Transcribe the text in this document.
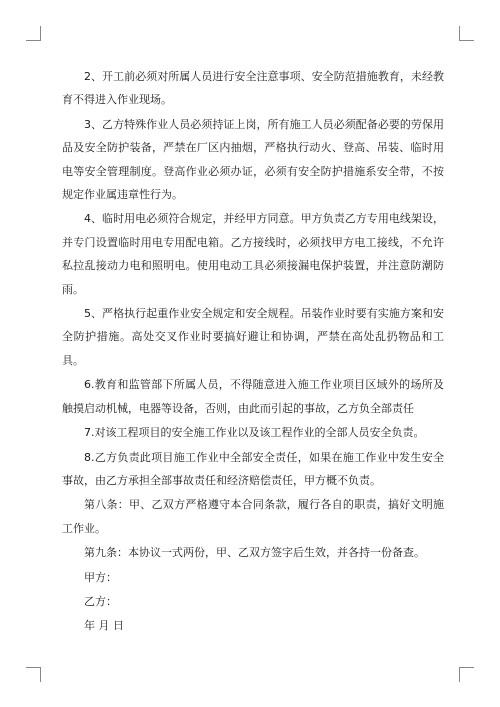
2、开工前必须对所属人员进行安全注意事项、安全防范措施教育，未经教育不得进入作业现场。

3、乙方特殊作业人员必须持证上岗，所有施工人员必须配备必要的劳保用品及安全防护装备，严禁在厂区内抽烟，严格执行动火、登高、吊装、临时用电等安全管理制度。登高作业必须办证，必须有安全防护措施系安全带，不按规定作业属违章性行为。

4、临时用电必须符合规定，并经甲方同意。甲方负责乙方专用电线架设，并专门设置临时用电专用配电箱。乙方接线时，必须找甲方电工接线，不允许私拉乱接动力电和照明电。使用电动工具必须接漏电保护装置，并注意防潮防雨。

5、严格执行起重作业安全规定和安全规程。吊装作业时要有实施方案和安全防护措施。高处交叉作业时要搞好避让和协调，严禁在高处乱扔物品和工具。

6.教育和监管部下所属人员，不得随意进入施工作业项目区域外的场所及触摸启动机械，电器等设备，否则，由此而引起的事故，乙方负全部责任

7.对该工程项目的安全施工作业以及该工程作业的全部人员安全负责。

8.乙方负责此项目施工作业中全部安全责任，如果在施工作业中发生安全事故，由乙方承担全部事故责任和经济赔偿责任，甲方概不负责。

第八条：甲、乙双方严格遵守本合同条款，履行各自的职责，搞好文明施工作业。

第九条：本协议一式两份，甲、乙双方签字后生效，并各持一份备查。

甲方：

乙方：

年 月 日
